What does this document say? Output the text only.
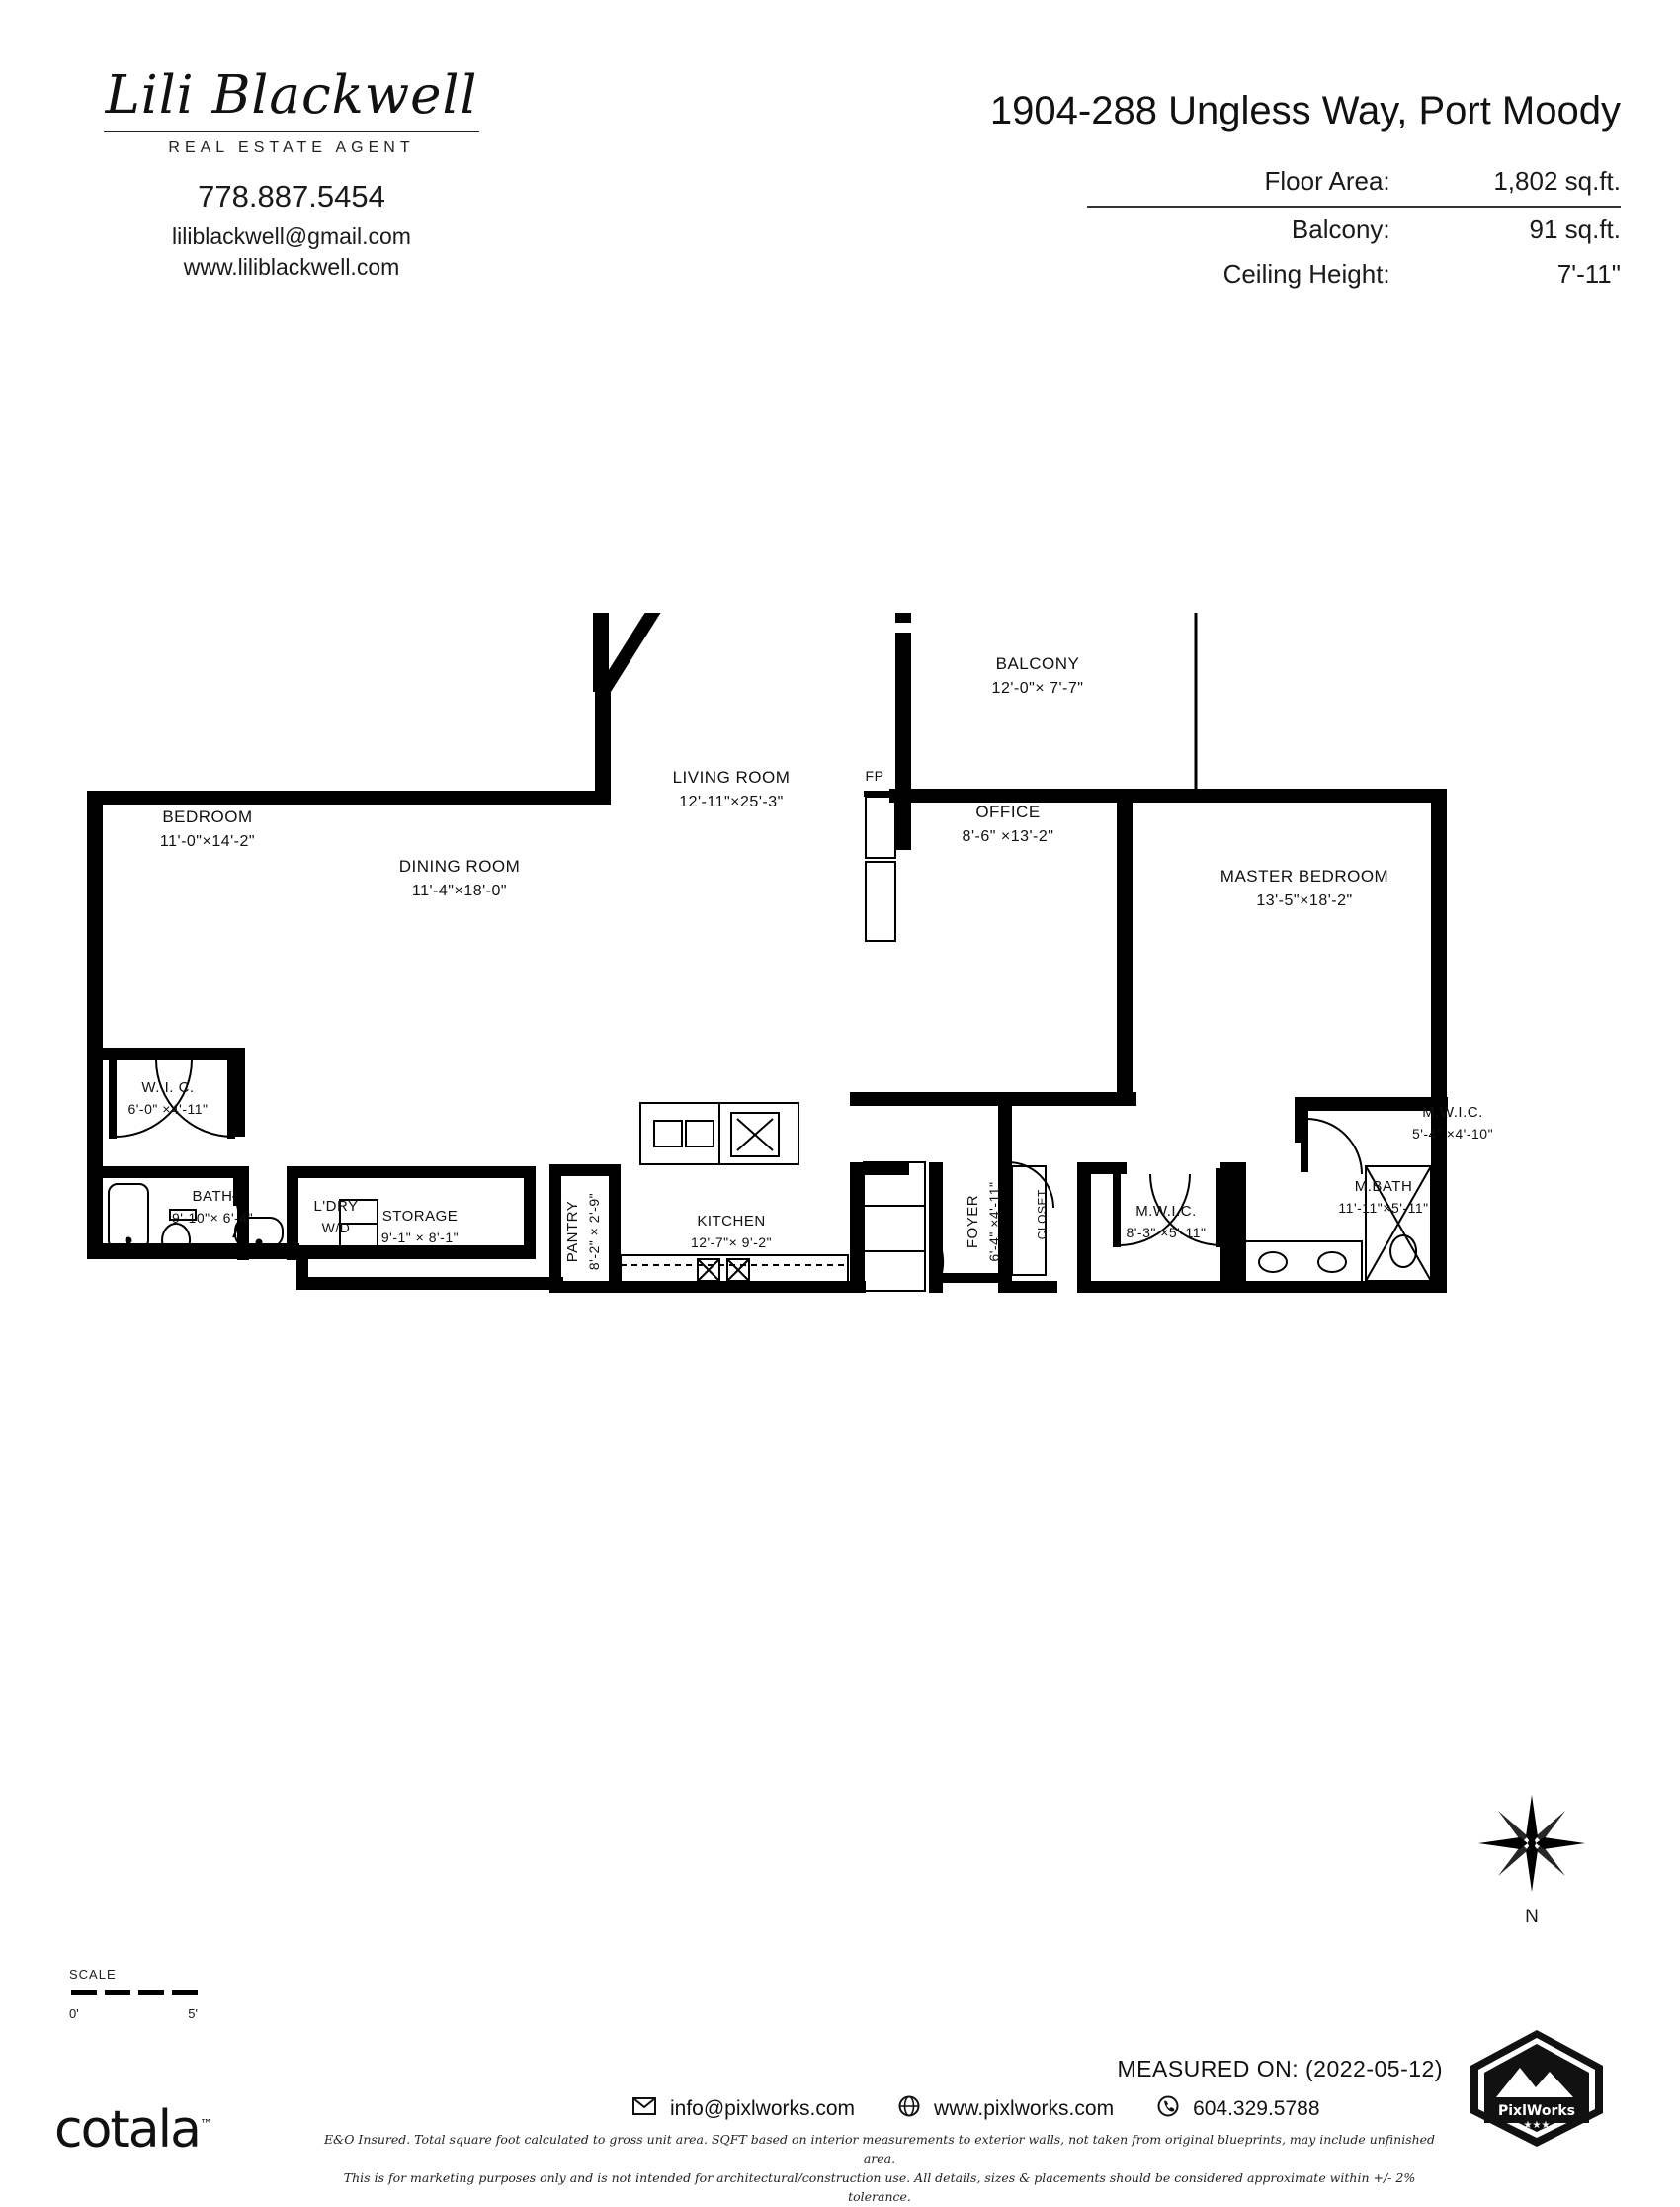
Lili Blackwell
REAL ESTATE AGENT
778.887.5454
liliblackwell@gmail.com
www.liliblackwell.com
1904-288 Ungless Way, Port Moody
Floor Area:	1,802 sq.ft.
Balcony:	91 sq.ft.
Ceiling Height:	7'-11"
BALCONY
12'-0"× 7'-7"
LIVING ROOM
12'-11"×25'-3"
DINING ROOM
11'-4"×18'-0"
BEDROOM
11'-0"×14'-2"
OFFICE
8'-6" ×13'-2"
MASTER BEDROOM
13'-5"×18'-2"
W. I. C.
6'-0" ×4'-11"
BATH
9'-10"× 6'-4"	STORAGE
9'-1" × 8'-1"	PANTRY 8'-2" × 2'-9"	KITCHEN
12'-7"× 9'-2"	FOYER 6'-4" ×4'-11"	M.W.I.C.
8'-3" ×5'-11"
M.W.I.C.
5'-4" ×4'-10"
M.BATH
11'-11"×5'-11"
L'DRY
W/D	CLOSET
FP
SCALE
0'	5'
N
MEASURED ON: (2022-05-12)
PixlWorks
★★★
info@pixlworks.com	www.pixlworks.com	604.329.5788
E&O Insured. Total square foot calculated to gross unit area. SQFT based on interior measurements to exterior walls, not taken from original blueprints, may include unfinished area.
This is for marketing purposes only and is not intended for architectural/construction use. All details, sizes & placements should be considered approximate within +/- 2% tolerance.
cotala™
